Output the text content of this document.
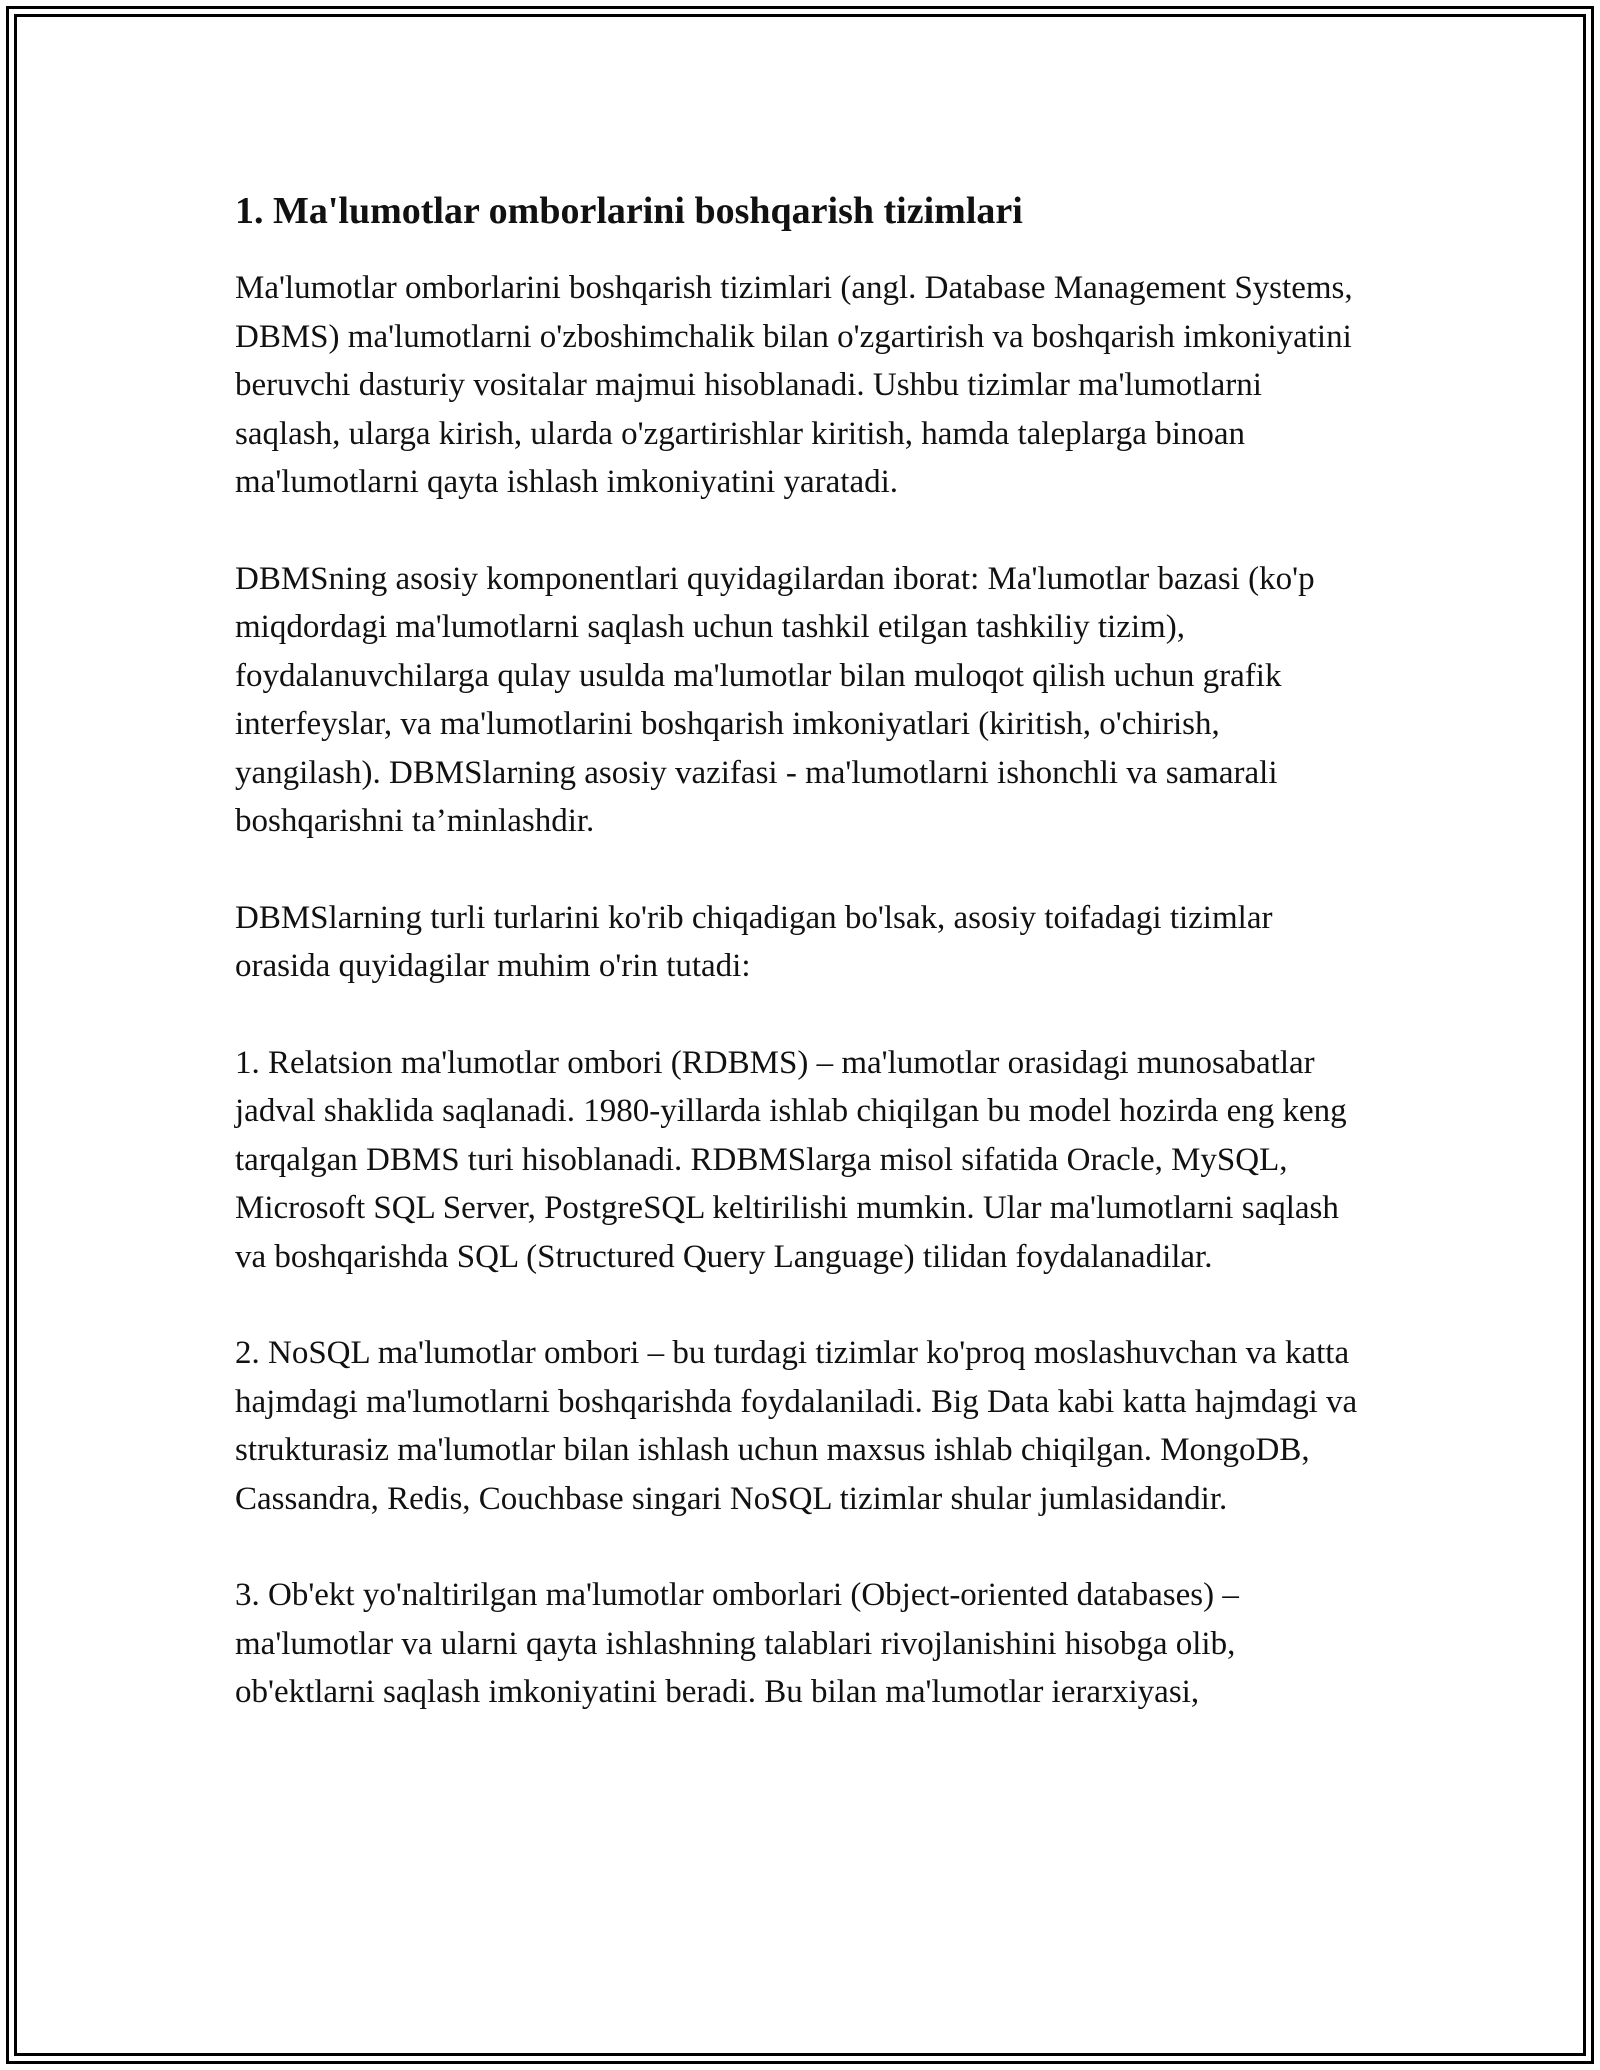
1. Ma'lumotlar omborlarini boshqarish tizimlari

Ma'lumotlar omborlarini boshqarish tizimlari (angl. Database Management Systems, DBMS) ma'lumotlarni o'zboshimchalik bilan o'zgartirish va boshqarish imkoniyatini beruvchi dasturiy vositalar majmui hisoblanadi. Ushbu tizimlar ma'lumotlarni saqlash, ularga kirish, ularda o'zgartirishlar kiritish, hamda taleplarga binoan ma'lumotlarni qayta ishlash imkoniyatini yaratadi.

DBMSning asosiy komponentlari quyidagilardan iborat: Ma'lumotlar bazasi (ko'p miqdordagi ma'lumotlarni saqlash uchun tashkil etilgan tashkiliy tizim), foydalanuvchilarga qulay usulda ma'lumotlar bilan muloqot qilish uchun grafik interfeyslar, va ma'lumotlarini boshqarish imkoniyatlari (kiritish, o'chirish, yangilash). DBMSlarning asosiy vazifasi - ma'lumotlarni ishonchli va samarali boshqarishni ta’minlashdir.

DBMSlarning turli turlarini ko'rib chiqadigan bo'lsak, asosiy toifadagi tizimlar orasida quyidagilar muhim o'rin tutadi:

1. Relatsion ma'lumotlar ombori (RDBMS) – ma'lumotlar orasidagi munosabatlar jadval shaklida saqlanadi. 1980-yillarda ishlab chiqilgan bu model hozirda eng keng tarqalgan DBMS turi hisoblanadi. RDBMSlarga misol sifatida Oracle, MySQL, Microsoft SQL Server, PostgreSQL keltirilishi mumkin. Ular ma'lumotlarni saqlash va boshqarishda SQL (Structured Query Language) tilidan foydalanadilar.

2. NoSQL ma'lumotlar ombori – bu turdagi tizimlar ko'proq moslashuvchan va katta hajmdagi ma'lumotlarni boshqarishda foydalaniladi. Big Data kabi katta hajmdagi va strukturasiz ma'lumotlar bilan ishlash uchun maxsus ishlab chiqilgan. MongoDB, Cassandra, Redis, Couchbase singari NoSQL tizimlar shular jumlasidandir.

3. Ob'ekt yo'naltirilgan ma'lumotlar omborlari (Object-oriented databases) – ma'lumotlar va ularni qayta ishlashning talablari rivojlanishini hisobga olib, ob'ektlarni saqlash imkoniyatini beradi. Bu bilan ma'lumotlar ierarxiyasi,
